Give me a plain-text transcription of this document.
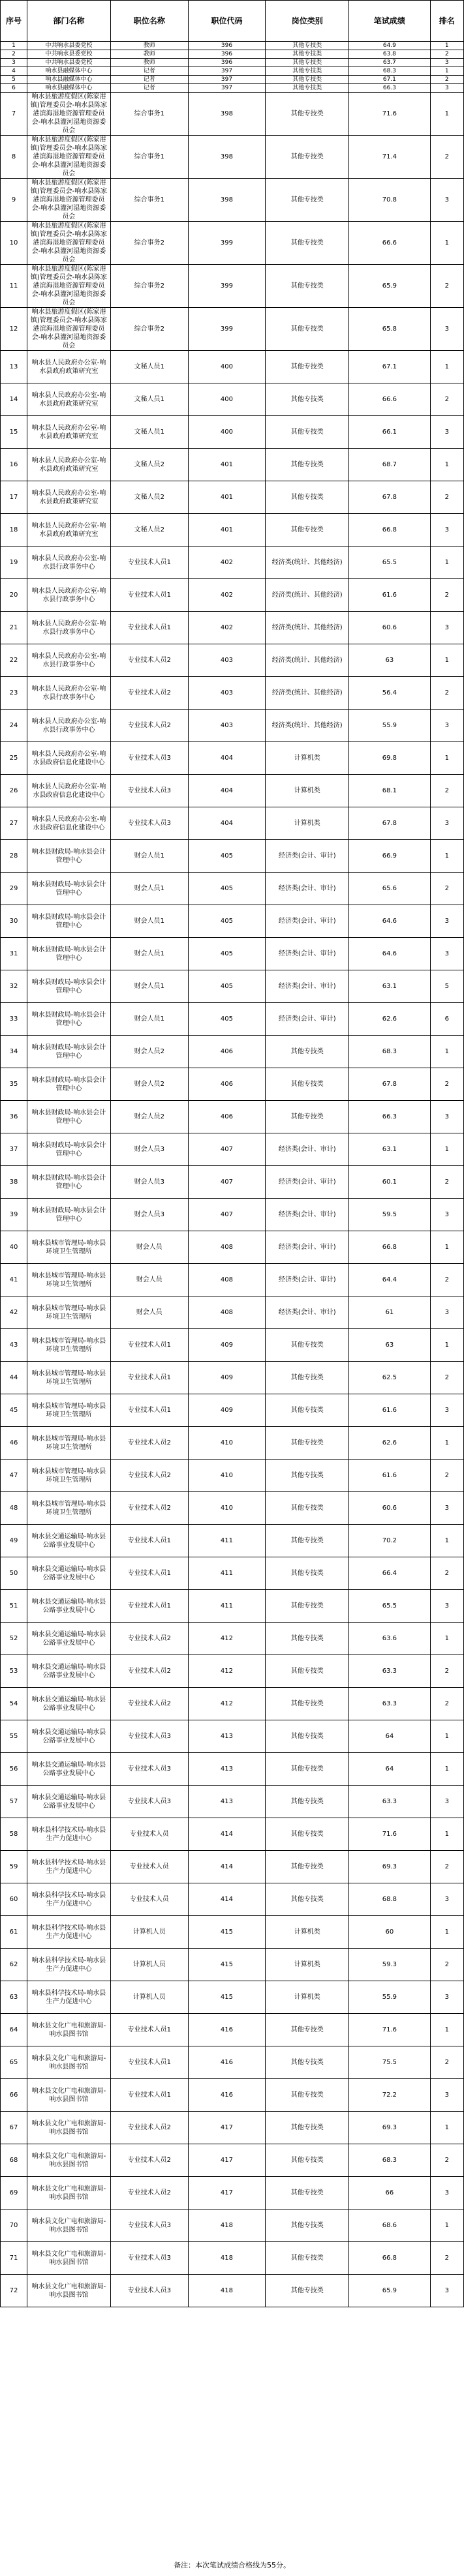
序号	部门名称	职位名称	职位代码	岗位类别	笔试成绩	排名
1	中共响水县委党校	教师	396	其他专技类	64.9	1
2	中共响水县委党校	教师	396	其他专技类	63.8	2
3	中共响水县委党校	教师	396	其他专技类	63.7	3
4	响水县融媒体中心	记者	397	其他专技类	68.3	1
5	响水县融媒体中心	记者	397	其他专技类	67.1	2
6	响水县融媒体中心	记者	397	其他专技类	66.3	3
7	响水县旅游度假区(陈家港镇)管理委员会-响水县陈家港滨海湿地资源管理委员会-响水县灌河湿地资源委员会	综合事务1	398	其他专技类	71.6	1
8	响水县旅游度假区(陈家港镇)管理委员会-响水县陈家港滨海湿地资源管理委员会-响水县灌河湿地资源委员会	综合事务1	398	其他专技类	71.4	2
9	响水县旅游度假区(陈家港镇)管理委员会-响水县陈家港滨海湿地资源管理委员会-响水县灌河湿地资源委员会	综合事务1	398	其他专技类	70.8	3
10	响水县旅游度假区(陈家港镇)管理委员会-响水县陈家港滨海湿地资源管理委员会-响水县灌河湿地资源委员会	综合事务2	399	其他专技类	66.6	1
11	响水县旅游度假区(陈家港镇)管理委员会-响水县陈家港滨海湿地资源管理委员会-响水县灌河湿地资源委员会	综合事务2	399	其他专技类	65.9	2
12	响水县旅游度假区(陈家港镇)管理委员会-响水县陈家港滨海湿地资源管理委员会-响水县灌河湿地资源委员会	综合事务2	399	其他专技类	65.8	3
13	响水县人民政府办公室-响水县政府政策研究室	文秘人员1	400	其他专技类	67.1	1
14	响水县人民政府办公室-响水县政府政策研究室	文秘人员1	400	其他专技类	66.6	2
15	响水县人民政府办公室-响水县政府政策研究室	文秘人员1	400	其他专技类	66.1	3
16	响水县人民政府办公室-响水县政府政策研究室	文秘人员2	401	其他专技类	68.7	1
17	响水县人民政府办公室-响水县政府政策研究室	文秘人员2	401	其他专技类	67.8	2
18	响水县人民政府办公室-响水县政府政策研究室	文秘人员2	401	其他专技类	66.8	3
19	响水县人民政府办公室-响水县行政事务中心	专业技术人员1	402	经济类(统计、其他经济)	65.5	1
20	响水县人民政府办公室-响水县行政事务中心	专业技术人员1	402	经济类(统计、其他经济)	61.6	2
21	响水县人民政府办公室-响水县行政事务中心	专业技术人员1	402	经济类(统计、其他经济)	60.6	3
22	响水县人民政府办公室-响水县行政事务中心	专业技术人员2	403	经济类(统计、其他经济)	63	1
23	响水县人民政府办公室-响水县行政事务中心	专业技术人员2	403	经济类(统计、其他经济)	56.4	2
24	响水县人民政府办公室-响水县行政事务中心	专业技术人员2	403	经济类(统计、其他经济)	55.9	3
25	响水县人民政府办公室-响水县政府信息化建设中心	专业技术人员3	404	计算机类	69.8	1
26	响水县人民政府办公室-响水县政府信息化建设中心	专业技术人员3	404	计算机类	68.1	2
27	响水县人民政府办公室-响水县政府信息化建设中心	专业技术人员3	404	计算机类	67.8	3
28	响水县财政局-响水县会计管理中心	财会人员1	405	经济类(会计、审计)	66.9	1
29	响水县财政局-响水县会计管理中心	财会人员1	405	经济类(会计、审计)	65.6	2
30	响水县财政局-响水县会计管理中心	财会人员1	405	经济类(会计、审计)	64.6	3
31	响水县财政局-响水县会计管理中心	财会人员1	405	经济类(会计、审计)	64.6	3
32	响水县财政局-响水县会计管理中心	财会人员1	405	经济类(会计、审计)	63.1	5
33	响水县财政局-响水县会计管理中心	财会人员1	405	经济类(会计、审计)	62.6	6
34	响水县财政局-响水县会计管理中心	财会人员2	406	其他专技类	68.3	1
35	响水县财政局-响水县会计管理中心	财会人员2	406	其他专技类	67.8	2
36	响水县财政局-响水县会计管理中心	财会人员2	406	其他专技类	66.3	3
37	响水县财政局-响水县会计管理中心	财会人员3	407	经济类(会计、审计)	63.1	1
38	响水县财政局-响水县会计管理中心	财会人员3	407	经济类(会计、审计)	60.1	2
39	响水县财政局-响水县会计管理中心	财会人员3	407	经济类(会计、审计)	59.5	3
40	响水县城市管理局-响水县环境卫生管理所	财会人员	408	经济类(会计、审计)	66.8	1
41	响水县城市管理局-响水县环境卫生管理所	财会人员	408	经济类(会计、审计)	64.4	2
42	响水县城市管理局-响水县环境卫生管理所	财会人员	408	经济类(会计、审计)	61	3
43	响水县城市管理局-响水县环境卫生管理所	专业技术人员1	409	其他专技类	63	1
44	响水县城市管理局-响水县环境卫生管理所	专业技术人员1	409	其他专技类	62.5	2
45	响水县城市管理局-响水县环境卫生管理所	专业技术人员1	409	其他专技类	61.6	3
46	响水县城市管理局-响水县环境卫生管理所	专业技术人员2	410	其他专技类	62.6	1
47	响水县城市管理局-响水县环境卫生管理所	专业技术人员2	410	其他专技类	61.6	2
48	响水县城市管理局-响水县环境卫生管理所	专业技术人员2	410	其他专技类	60.6	3
49	响水县交通运输局-响水县公路事业发展中心	专业技术人员1	411	其他专技类	70.2	1
50	响水县交通运输局-响水县公路事业发展中心	专业技术人员1	411	其他专技类	66.4	2
51	响水县交通运输局-响水县公路事业发展中心	专业技术人员1	411	其他专技类	65.5	3
52	响水县交通运输局-响水县公路事业发展中心	专业技术人员2	412	其他专技类	63.6	1
53	响水县交通运输局-响水县公路事业发展中心	专业技术人员2	412	其他专技类	63.3	2
54	响水县交通运输局-响水县公路事业发展中心	专业技术人员2	412	其他专技类	63.3	2
55	响水县交通运输局-响水县公路事业发展中心	专业技术人员3	413	其他专技类	64	1
56	响水县交通运输局-响水县公路事业发展中心	专业技术人员3	413	其他专技类	64	1
57	响水县交通运输局-响水县公路事业发展中心	专业技术人员3	413	其他专技类	63.3	3
58	响水县科学技术局-响水县生产力促进中心	专业技术人员	414	其他专技类	71.6	1
59	响水县科学技术局-响水县生产力促进中心	专业技术人员	414	其他专技类	69.3	2
60	响水县科学技术局-响水县生产力促进中心	专业技术人员	414	其他专技类	68.8	3
61	响水县科学技术局-响水县生产力促进中心	计算机人员	415	计算机类	60	1
62	响水县科学技术局-响水县生产力促进中心	计算机人员	415	计算机类	59.3	2
63	响水县科学技术局-响水县生产力促进中心	计算机人员	415	计算机类	55.9	3
64	响水县文化广电和旅游局-响水县图书馆	专业技术人员1	416	其他专技类	71.6	1
65	响水县文化广电和旅游局-响水县图书馆	专业技术人员1	416	其他专技类	75.5	2
66	响水县文化广电和旅游局-响水县图书馆	专业技术人员1	416	其他专技类	72.2	3
67	响水县文化广电和旅游局-响水县图书馆	专业技术人员2	417	其他专技类	69.3	1
68	响水县文化广电和旅游局-响水县图书馆	专业技术人员2	417	其他专技类	68.3	2
69	响水县文化广电和旅游局-响水县图书馆	专业技术人员2	417	其他专技类	66	3
70	响水县文化广电和旅游局-响水县图书馆	专业技术人员3	418	其他专技类	68.6	1
71	响水县文化广电和旅游局-响水县图书馆	专业技术人员3	418	其他专技类	66.8	2
72	响水县文化广电和旅游局-响水县图书馆	专业技术人员3	418	其他专技类	65.9	3
备注：本次笔试成绩合格线为55分。
